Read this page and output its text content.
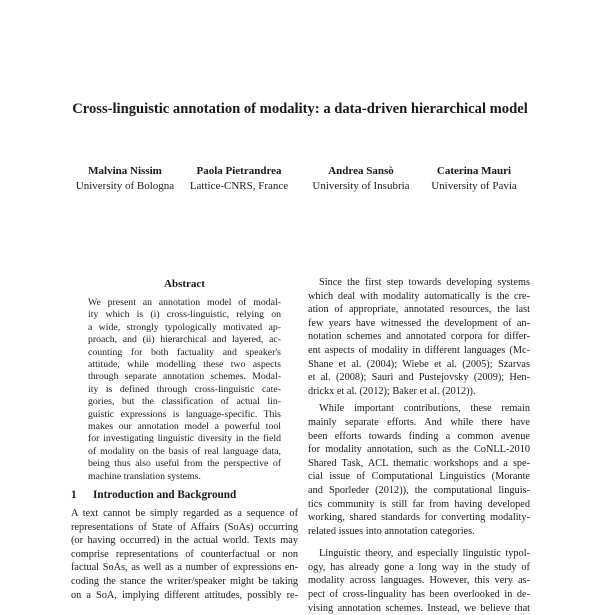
Cross-linguistic annotation of modality: a data-driven hierarchical model
Malvina Nissim
University of Bologna
Paola Pietrandrea
Lattice-CNRS, France
Andrea Sansò
University of Insubria
Caterina Mauri
University of Pavia
Abstract
We present an annotation model of modal-
ity which is (i) cross-linguistic, relying on
a wide, strongly typologically motivated ap-
proach, and (ii) hierarchical and layered, ac-
counting for both factuality and speaker's
attitude, while modelling these two aspects
through separate annotation schemes. Modal-
ity is defined through cross-linguistic cate-
gories, but the classification of actual lin-
guistic expressions is language-specific. This
makes our annotation model a powerful tool
for investigating linguistic diversity in the field
of modality on the basis of real language data,
being thus also useful from the perspective of
machine translation systems.
1 Introduction and Background
A text cannot be simply regarded as a sequence of
representations of State of Affairs (SoAs) occurring
(or having occurred) in the actual world. Texts may
comprise representations of counterfactual or non
factual SoAs, as well as a number of expressions en-
coding the stance the writer/speaker might be taking
on a SoA, implying different attitudes, possibly re-
Since the first step towards developing systems
which deal with modality automatically is the cre-
ation of appropriate, annotated resources, the last
few years have witnessed the development of an-
notation schemes and annotated corpora for differ-
ent aspects of modality in different languages (Mc-
Shane et al. (2004); Wiebe et al. (2005); Szarvas
et al. (2008); Saurì and Pustejovsky (2009); Hen-
drickx et al. (2012); Baker et al. (2012)).
While important contributions, these remain
mainly separate efforts. And while there have
been efforts towards finding a common avenue
for modality annotation, such as the CoNLL-2010
Shared Task, ACL thematic workshops and a spe-
cial issue of Computational Linguistics (Morante
and Sporleder (2012)), the computational linguis-
tics community is still far from having developed
working, shared standards for converting modality-
related issues into annotation categories.
Linguistic theory, and especially linguistic typol-
ogy, has already gone a long way in the study of
modality across languages. However, this very as-
pect of cross-linguality has been overlooked in de-
vising annotation schemes. Instead, we believe that
